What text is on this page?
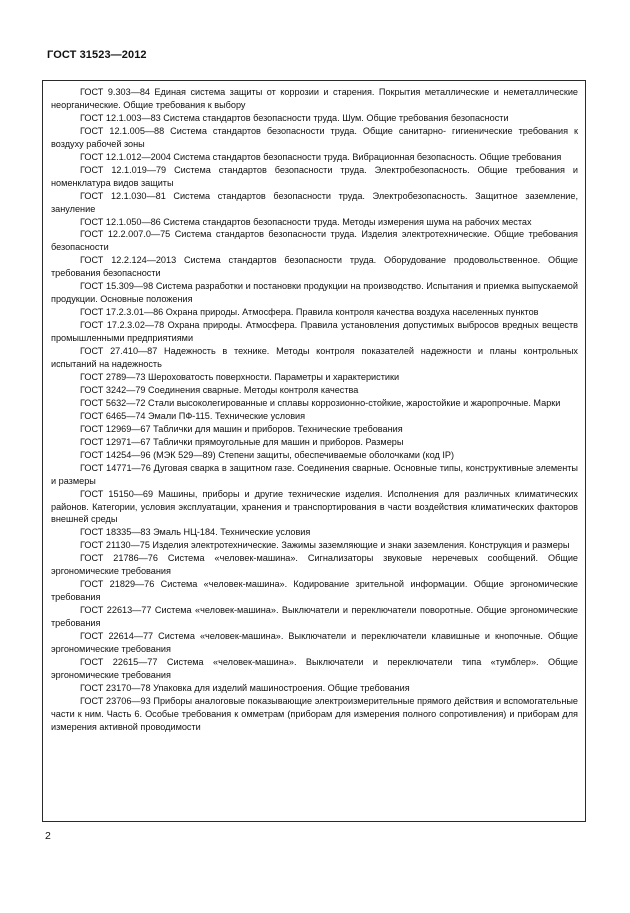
ГОСТ 31523—2012

ГОСТ 9.303—84 Единая система защиты от коррозии и старения. Покрытия металлические и неметаллические неорганические. Общие требования к выбору

ГОСТ 12.1.003—83 Система стандартов безопасности труда. Шум. Общие требования безопасности

ГОСТ 12.1.005—88 Система стандартов безопасности труда. Общие санитарно- гигиенические требования к воздуху рабочей зоны

ГОСТ 12.1.012—2004 Система стандартов безопасности труда. Вибрационная безопасность. Общие требования

ГОСТ 12.1.019—79 Система стандартов безопасности труда. Электробезопасность. Общие требования и номенклатура видов защиты

ГОСТ 12.1.030—81 Система стандартов безопасности труда. Электробезопасность. Защитное заземление, зануление

ГОСТ 12.1.050—86 Система стандартов безопасности труда. Методы измерения шума на рабочих местах

ГОСТ 12.2.007.0—75 Система стандартов безопасности труда. Изделия электротехнические. Общие требования безопасности

ГОСТ 12.2.124—2013 Система стандартов безопасности труда. Оборудование продовольственное. Общие требования безопасности

ГОСТ 15.309—98 Система разработки и постановки продукции на производство. Испытания и приемка выпускаемой продукции. Основные положения

ГОСТ 17.2.3.01—86 Охрана природы. Атмосфера. Правила контроля качества воздуха населенных пунктов

ГОСТ 17.2.3.02—78 Охрана природы. Атмосфера. Правила установления допустимых выбросов вредных веществ промышленными предприятиями

ГОСТ 27.410—87 Надежность в технике. Методы контроля показателей надежности и планы контрольных испытаний на надежность

ГОСТ 2789—73 Шероховатость поверхности. Параметры и характеристики

ГОСТ 3242—79 Соединения сварные. Методы контроля качества

ГОСТ 5632—72 Стали высоколегированные и сплавы коррозионно-стойкие, жаростойкие и жаропрочные. Марки

ГОСТ 6465—74 Эмали ПФ-115. Технические условия

ГОСТ 12969—67 Таблички для машин и приборов. Технические требования

ГОСТ 12971—67 Таблички прямоугольные для машин и приборов. Размеры

ГОСТ 14254—96 (МЭК 529—89) Степени защиты, обеспечиваемые оболочками (код IP)

ГОСТ 14771—76 Дуговая сварка в защитном газе. Соединения сварные. Основные типы, конструктивные элементы и размеры

ГОСТ 15150—69 Машины, приборы и другие технические изделия. Исполнения для различных климатических районов. Категории, условия эксплуатации, хранения и транспортирования в части воздействия климатических факторов внешней среды

ГОСТ 18335—83 Эмаль НЦ-184. Технические условия

ГОСТ 21130—75 Изделия электротехнические. Зажимы заземляющие и знаки заземления. Конструкция и размеры

ГОСТ 21786—76 Система «человек-машина». Сигнализаторы звуковые неречевых сообщений. Общие эргономические требования

ГОСТ 21829—76 Система «человек-машина». Кодирование зрительной информации. Общие эргономические требования

ГОСТ 22613—77 Система «человек-машина». Выключатели и переключатели поворотные. Общие эргономические требования

ГОСТ 22614—77 Система «человек-машина». Выключатели и переключатели клавишные и кнопочные. Общие эргономические требования

ГОСТ 22615—77 Система «человек-машина». Выключатели и переключатели типа «тумблер». Общие эргономические требования

ГОСТ 23170—78 Упаковка для изделий машиностроения. Общие требования

ГОСТ 23706—93 Приборы аналоговые показывающие электроизмерительные прямого действия и вспомогательные части к ним. Часть 6. Особые требования к омметрам (приборам для измерения полного сопротивления) и приборам для измерения активной проводимости

2
